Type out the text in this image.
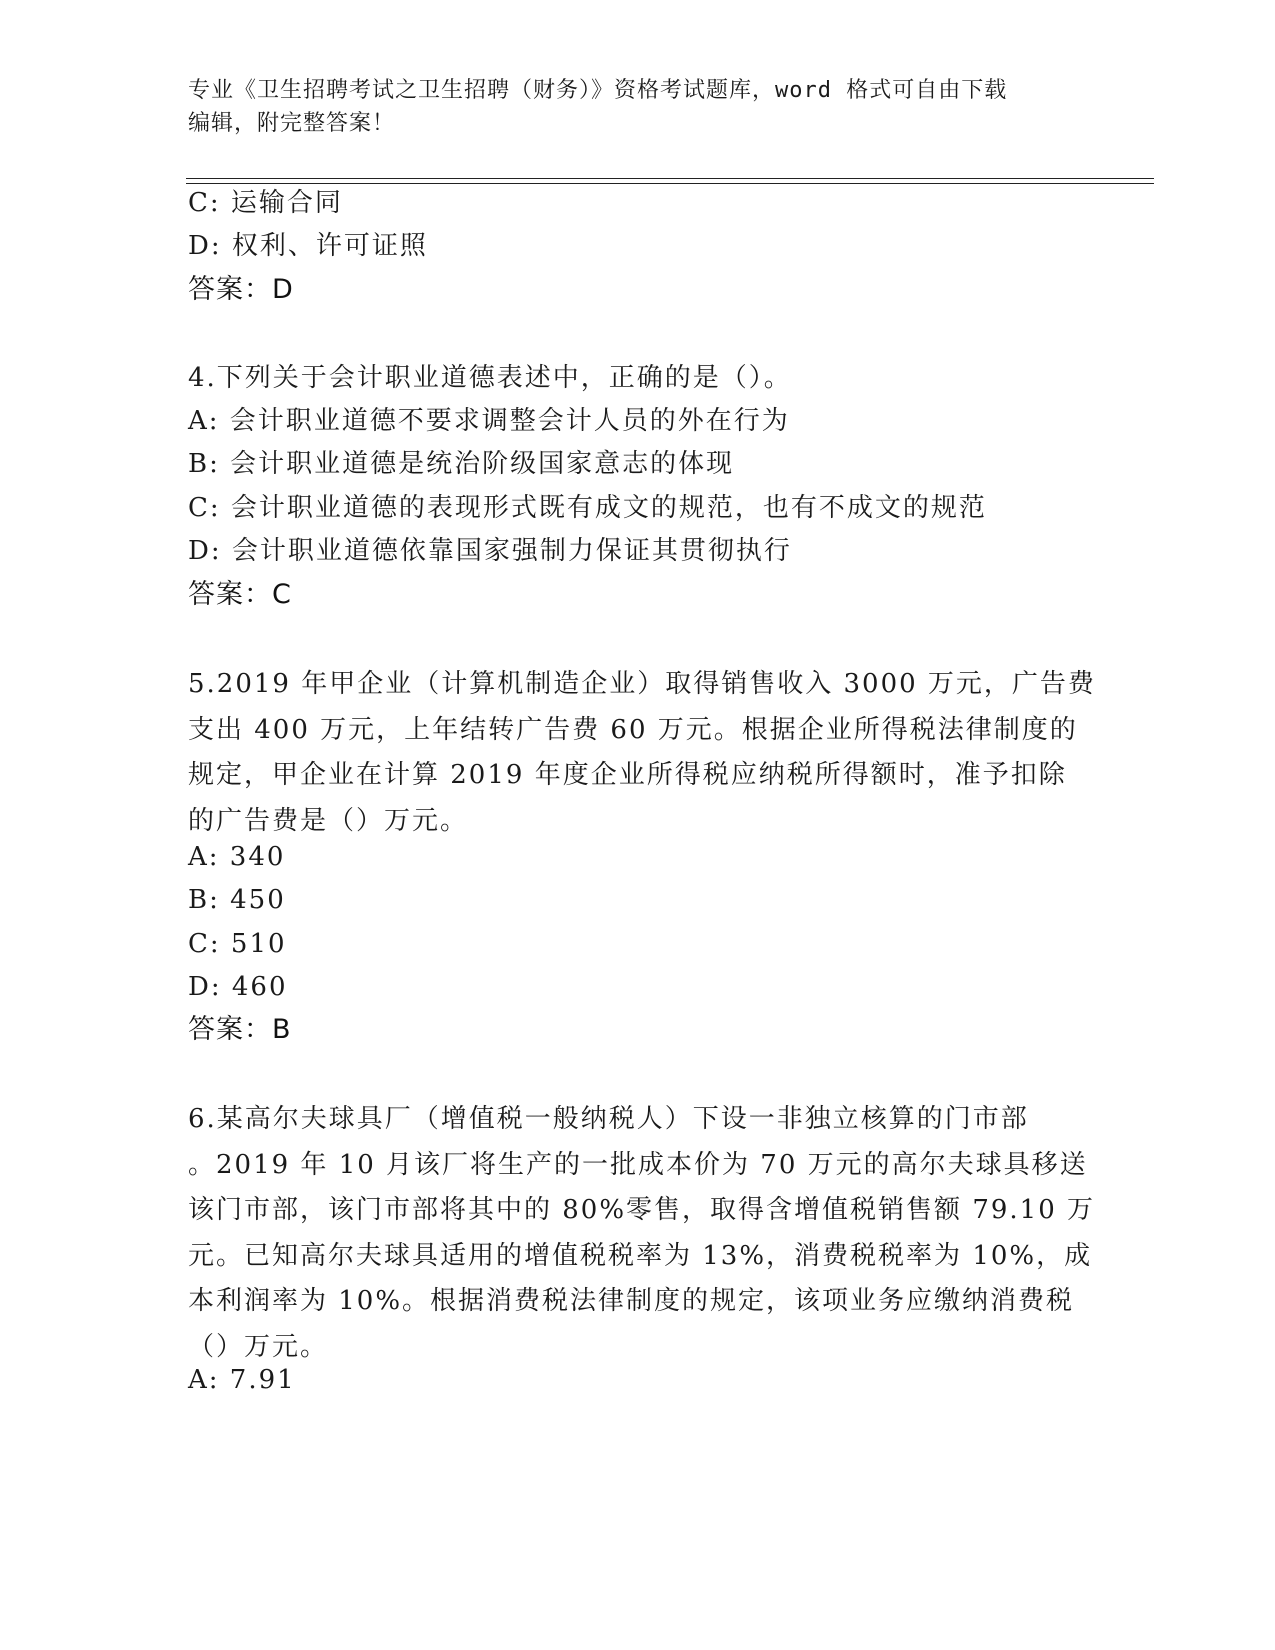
专业《卫生招聘考试之卫生招聘（财务）》资格考试题库，word 格式可自由下载
编辑，附完整答案！
C: 运输合同
D: 权利、许可证照
答案：D
4.下列关于会计职业道德表述中，正确的是（）。
A: 会计职业道德不要求调整会计人员的外在行为
B: 会计职业道德是统治阶级国家意志的体现
C: 会计职业道德的表现形式既有成文的规范，也有不成文的规范
D: 会计职业道德依靠国家强制力保证其贯彻执行
答案：C
5.2019 年甲企业（计算机制造企业）取得销售收入 3000 万元，广告费
支出 400 万元，上年结转广告费 60 万元。根据企业所得税法律制度的
规定，甲企业在计算 2019 年度企业所得税应纳税所得额时，准予扣除
的广告费是（）万元。
A: 340
B: 450
C: 510
D: 460
答案：B
6.某高尔夫球具厂（增值税一般纳税人）下设一非独立核算的门市部
。2019 年 10 月该厂将生产的一批成本价为 70 万元的高尔夫球具移送
该门市部，该门市部将其中的 80%零售，取得含增值税销售额 79.10 万
元。已知高尔夫球具适用的增值税税率为 13%，消费税税率为 10%，成
本利润率为 10%。根据消费税法律制度的规定，该项业务应缴纳消费税
（）万元。
A: 7.91
